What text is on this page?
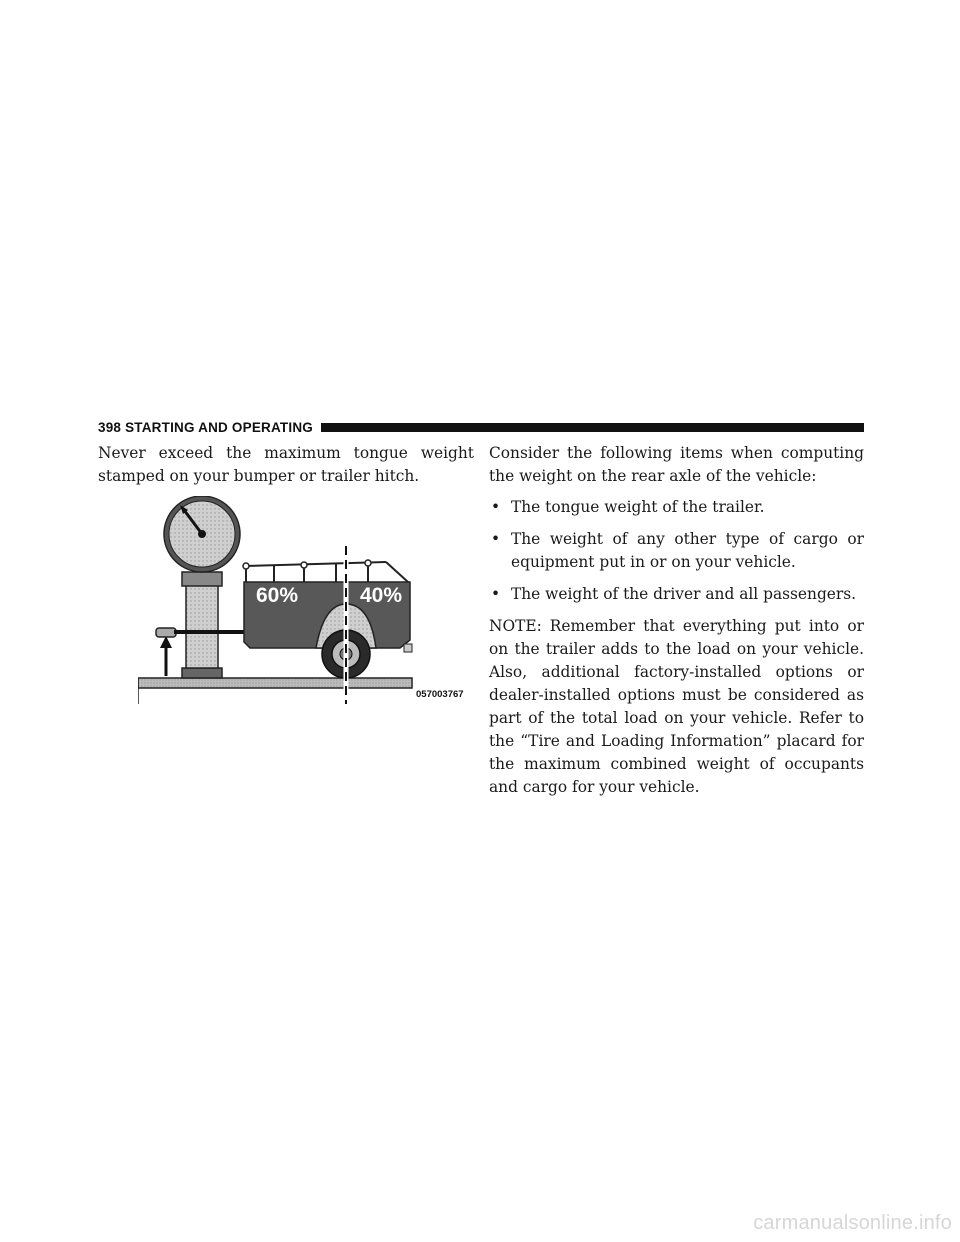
398 STARTING AND OPERATING

Never exceed the maximum tongue weight stamped on your bumper or trailer hitch.

60%	40%
057003767

Consider the following items when computing the weight on the rear axle of the vehicle:

• The tongue weight of the trailer.
• The weight of any other type of cargo or equipment put in or on your vehicle.
• The weight of the driver and all passengers.

NOTE: Remember that everything put into or on the trailer adds to the load on your vehicle. Also, additional factory-installed options or dealer-installed options must be considered as part of the total load on your vehicle. Refer to the “Tire and Loading Information” placard for the maximum combined weight of occupants and cargo for your vehicle.

carmanualsonline.info
